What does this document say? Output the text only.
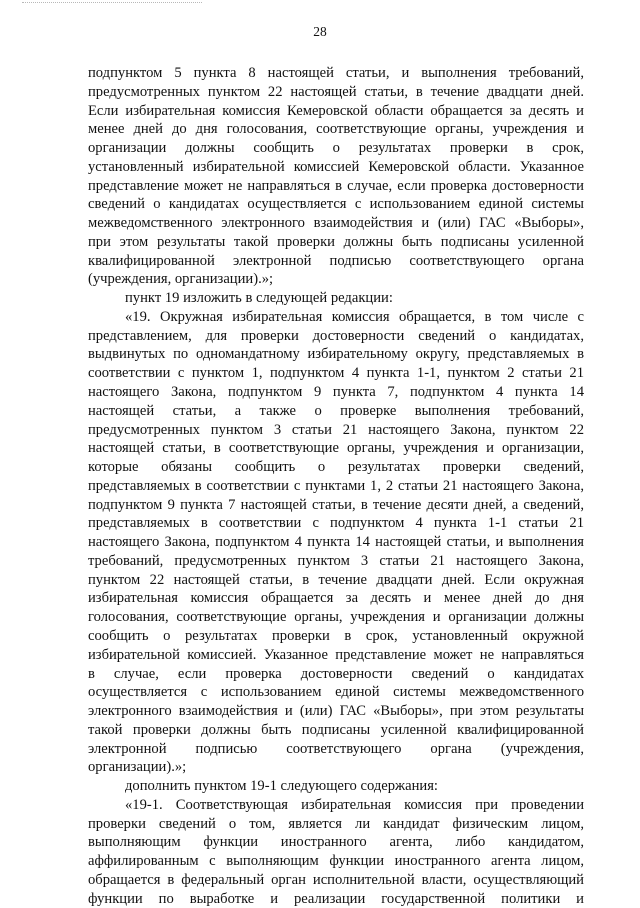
28
подпунктом 5 пункта 8 настоящей статьи, и выполнения требований,
предусмотренных пунктом 22 настоящей статьи, в течение двадцати дней.
Если избирательная комиссия Кемеровской области обращается за десять и
менее дней до дня голосования, соответствующие органы, учреждения и
организации должны сообщить о результатах проверки в срок,
установленный избирательной комиссией Кемеровской области. Указанное
представление может не направляться в случае, если проверка достоверности
сведений о кандидатах осуществляется с использованием единой системы
межведомственного электронного взаимодействия и (или) ГАС «Выборы»,
при этом результаты такой проверки должны быть подписаны усиленной
квалифицированной электронной подписью соответствующего органа
(учреждения, организации).»;
пункт 19 изложить в следующей редакции:
«19. Окружная избирательная комиссия обращается, в том числе с
представлением, для проверки достоверности сведений о кандидатах,
выдвинутых по одномандатному избирательному округу, представляемых в
соответствии с пунктом 1, подпунктом 4 пункта 1-1, пунктом 2 статьи 21
настоящего Закона, подпунктом 9 пункта 7, подпунктом 4 пункта 14
настоящей статьи, а также о проверке выполнения требований,
предусмотренных пунктом 3 статьи 21 настоящего Закона, пунктом 22
настоящей статьи, в соответствующие органы, учреждения и организации,
которые обязаны сообщить о результатах проверки сведений,
представляемых в соответствии с пунктами 1, 2 статьи 21 настоящего Закона,
подпунктом 9 пункта 7 настоящей статьи, в течение десяти дней, а сведений,
представляемых в соответствии с подпунктом 4 пункта 1-1 статьи 21
настоящего Закона, подпунктом 4 пункта 14 настоящей статьи, и выполнения
требований, предусмотренных пунктом 3 статьи 21 настоящего Закона,
пунктом 22 настоящей статьи, в течение двадцати дней. Если окружная
избирательная комиссия обращается за десять и менее дней до дня
голосования, соответствующие органы, учреждения и организации должны
сообщить о результатах проверки в срок, установленный окружной
избирательной комиссией. Указанное представление может не направляться
в случае, если проверка достоверности сведений о кандидатах
осуществляется с использованием единой системы межведомственного
электронного взаимодействия и (или) ГАС «Выборы», при этом результаты
такой проверки должны быть подписаны усиленной квалифицированной
электронной подписью соответствующего органа (учреждения,
организации).»;
дополнить пунктом 19-1 следующего содержания:
«19-1. Соответствующая избирательная комиссия при проведении
проверки сведений о том, является ли кандидат физическим лицом,
выполняющим функции иностранного агента, либо кандидатом,
аффилированным с выполняющим функции иностранного агента лицом,
обращается в федеральный орган исполнительной власти, осуществляющий
функции по выработке и реализации государственной политики и
